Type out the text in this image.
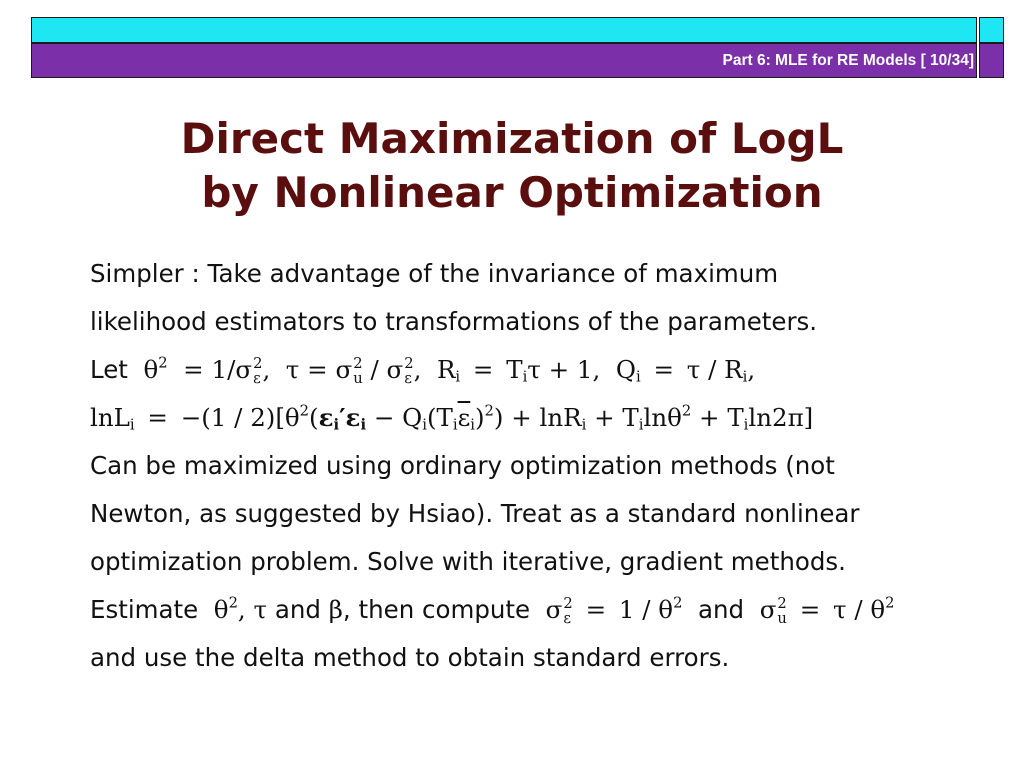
Part 6: MLE for RE Models [ 10/34]
Direct Maximization of LogL
by Nonlinear Optimization
Simpler : Take advantage of the invariance of maximum
likelihood estimators to transformations of the parameters.
Let  $\theta^2 = 1/\sigma$ 2
ε ,  τ = σ 2
u / σ 2
ε ,  $R_i = T_i\tau + 1$,  $Q_i = \tau / R_i$,
$\ln L_i = -(1 / 2)[\theta^2(\varepsilon_i'\varepsilon_i - Q_i(T_i\overline{\varepsilon}_i)^2) + \ln R_i + T_i\ln\theta^2 + T_i\ln 2\pi]$
Can be maximized using ordinary optimization methods (not
Newton, as suggested by Hsiao). Treat as a standard nonlinear
optimization problem. Solve with iterative, gradient methods.
Estimate  $\theta^2$, τ and β, then compute  σ 2
$\varepsilon = 1 / \theta^2$ and  σ 2
$u = \tau / \theta^2$
and use the delta method to obtain standard errors.
